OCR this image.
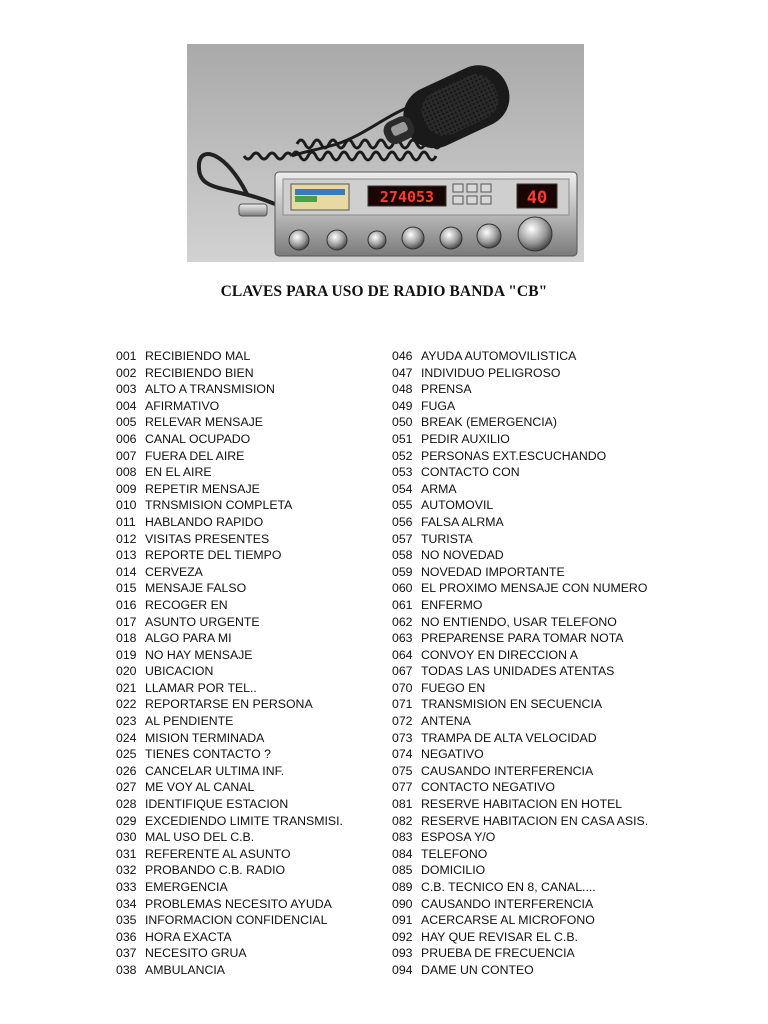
274053	40
CLAVES PARA USO DE RADIO BANDA "CB"
001 RECIBIENDO MAL
002 RECIBIENDO BIEN
003 ALTO A TRANSMISION
004 AFIRMATIVO
005 RELEVAR MENSAJE
006 CANAL OCUPADO
007 FUERA DEL AIRE
008 EN EL AIRE
009 REPETIR MENSAJE
010 TRNSMISION COMPLETA
011 HABLANDO RAPIDO
012 VISITAS PRESENTES
013 REPORTE DEL TIEMPO
014 CERVEZA
015 MENSAJE FALSO
016 RECOGER EN
017 ASUNTO URGENTE
018 ALGO PARA MI
019 NO HAY MENSAJE
020 UBICACION
021 LLAMAR POR TEL..
022 REPORTARSE EN PERSONA
023 AL PENDIENTE
024 MISION TERMINADA
025 TIENES CONTACTO ?
026 CANCELAR ULTIMA INF.
027 ME VOY AL CANAL
028 IDENTIFIQUE ESTACION
029 EXCEDIENDO LIMITE TRANSMISI.
030 MAL USO DEL C.B.
031 REFERENTE AL ASUNTO
032 PROBANDO C.B. RADIO
033 EMERGENCIA
034 PROBLEMAS NECESITO AYUDA
035 INFORMACION CONFIDENCIAL
036 HORA EXACTA
037 NECESITO GRUA
038 AMBULANCIA
046 AYUDA AUTOMOVILISTICA
047 INDIVIDUO PELIGROSO
048 PRENSA
049 FUGA
050 BREAK (EMERGENCIA)
051 PEDIR AUXILIO
052 PERSONAS EXT.ESCUCHANDO
053 CONTACTO CON
054 ARMA
055 AUTOMOVIL
056 FALSA ALRMA
057 TURISTA
058 NO NOVEDAD
059 NOVEDAD IMPORTANTE
060 EL PROXIMO MENSAJE CON NUMERO
061 ENFERMO
062 NO ENTIENDO, USAR TELEFONO
063 PREPARENSE PARA TOMAR NOTA
064 CONVOY EN DIRECCION A
067 TODAS LAS UNIDADES ATENTAS
070 FUEGO EN
071 TRANSMISION EN SECUENCIA
072 ANTENA
073 TRAMPA DE ALTA VELOCIDAD
074 NEGATIVO
075 CAUSANDO INTERFERENCIA
077 CONTACTO NEGATIVO
081 RESERVE HABITACION EN HOTEL
082 RESERVE HABITACION EN CASA ASIS.
083 ESPOSA Y/O
084 TELEFONO
085 DOMICILIO
089 C.B. TECNICO EN 8, CANAL....
090 CAUSANDO INTERFERENCIA
091 ACERCARSE AL MICROFONO
092 HAY QUE REVISAR EL C.B.
093 PRUEBA DE FRECUENCIA
094 DAME UN CONTEO
